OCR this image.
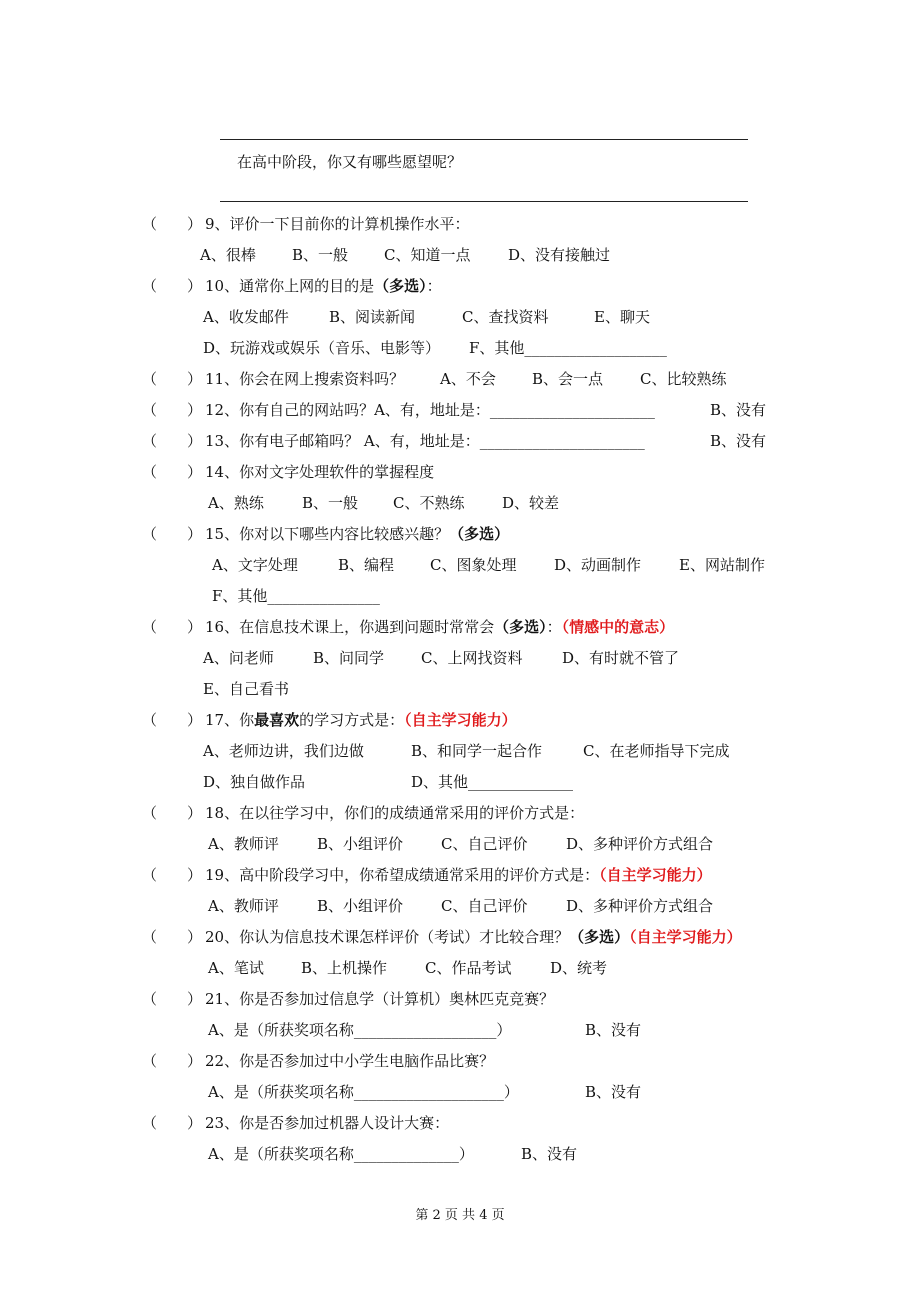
在高中阶段，你又有哪些愿望呢？
（　　） 9、评价一下目前你的计算机操作水平：
A、很棒 B、一般 C、知道一点	D、没有接触过
（　　） 10、通常你上网的目的是（多选）：
A、收发邮件	B、阅读新闻	C、查找资料	E、聊天
D、玩游戏或娱乐（音乐、电影等） F、其他___________________
（　　） 11、你会在网上搜索资料吗？ A、不会 B、会一点 C、比较熟练
（　　） 12、你有自己的网站吗？A、有，地址是：______________________	B、没有
（　　） 13、你有电子邮箱吗？ A、有，地址是：______________________	B、没有
（　　） 14、你对文字处理软件的掌握程度
A、熟练	B、一般 C、不熟练	D、较差
（　　） 15、你对以下哪些内容比较感兴趣？（多选）
A、文字处理	B、编程 C、图象处理	D、动画制作	E、网站制作
F、其他_______________
（　　） 16、在信息技术课上，你遇到问题时常常会（多选）：（情感中的意志）
A、问老师	B、问同学 C、上网找资料	D、有时就不管了
E、自己看书
（　　） 17、你最喜欢的学习方式是：（自主学习能力）
A、老师边讲，我们边做	B、和同学一起合作	C、在老师指导下完成
D、独自做作品	D、其他______________
（　　） 18、在以往学习中，你们的成绩通常采用的评价方式是：
A、教师评	B、小组评价	C、自己评价	D、多种评价方式组合
（　　） 19、高中阶段学习中，你希望成绩通常采用的评价方式是：（自主学习能力）
A、教师评	B、小组评价	C、自己评价	D、多种评价方式组合
（　　） 20、你认为信息技术课怎样评价（考试）才比较合理？（多选）（自主学习能力）
A、笔试 B、上机操作	C、作品考试	D、统考
（　　） 21、你是否参加过信息学（计算机）奥林匹克竞赛？
A、是（所获奖项名称___________________）	B、没有
（　　） 22、你是否参加过中小学生电脑作品比赛？
A、是（所获奖项名称____________________）	B、没有
（　　） 23、你是否参加过机器人设计大赛：
A、是（所获奖项名称______________）	B、没有
第 2 页 共 4 页
